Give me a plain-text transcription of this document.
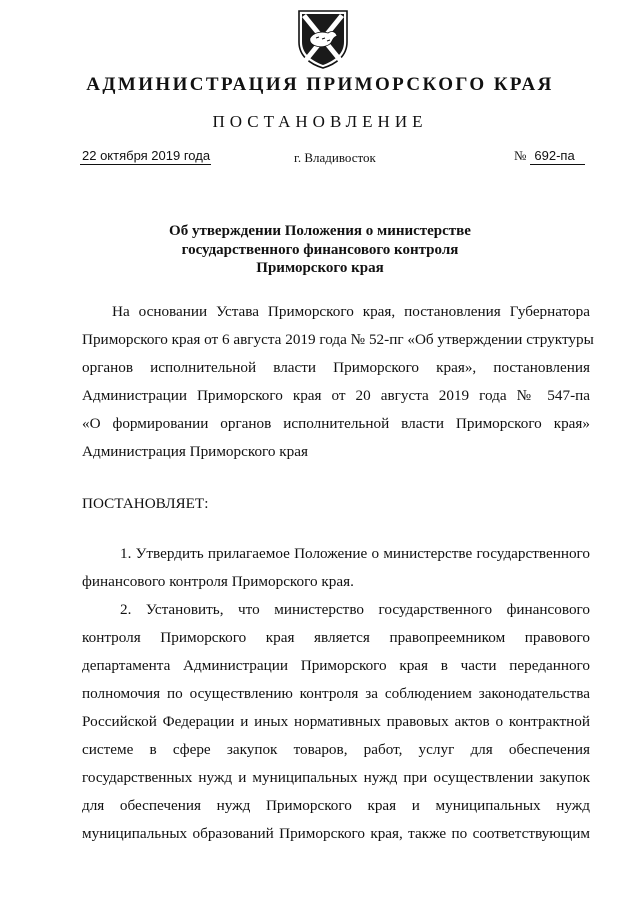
АДМИНИСТРАЦИЯ ПРИМОРСКОГО КРАЯ
ПОСТАНОВЛЕНИЕ
22 октября 2019 года	г. Владивосток	№ 692-па
Об утверждении Положения о министерстве
государственного финансового контроля
Приморского края
На основании Устава Приморского края, постановления Губернатора
Приморского края от 6 августа 2019 года № 52-пг «Об утверждении структуры
органов исполнительной власти Приморского края», постановления
Администрации Приморского края от 20 августа 2019 года № 547-па
«О формировании органов исполнительной власти Приморского края»
Администрация Приморского края
ПОСТАНОВЛЯЕТ:
1. Утвердить прилагаемое Положение о министерстве государственного
финансового контроля Приморского края.
2. Установить, что министерство государственного финансового
контроля Приморского края является правопреемником правового
департамента Администрации Приморского края в части переданного
полномочия по осуществлению контроля за соблюдением законодательства
Российской Федерации и иных нормативных правовых актов о контрактной
системе в сфере закупок товаров, работ, услуг для обеспечения
государственных нужд и муниципальных нужд при осуществлении закупок
для обеспечения нужд Приморского края и муниципальных нужд
муниципальных образований Приморского края, также по соответствующим
